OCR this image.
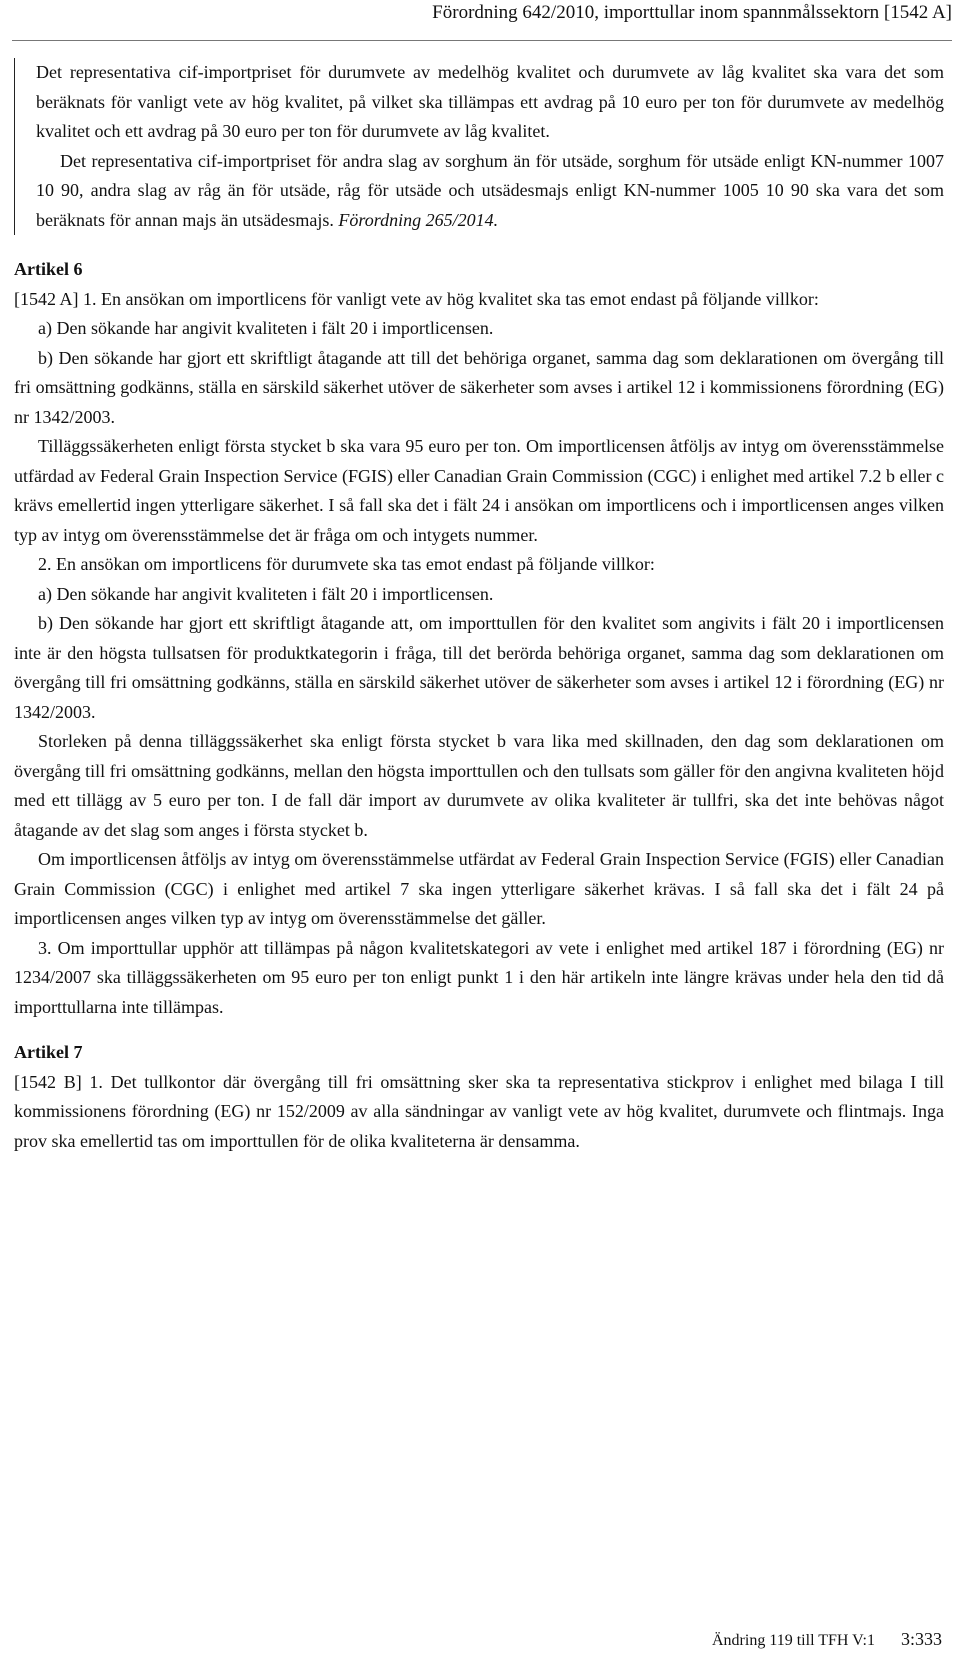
Förordning 642/2010, importtullar inom spannmålssektorn [1542 A]

Det representativa cif-importpriset för durumvete av medelhög kvalitet och durumvete av låg kvalitet ska vara det som beräknats för vanligt vete av hög kvalitet, på vilket ska tillämpas ett avdrag på 10 euro per ton för durumvete av medelhög kvalitet och ett avdrag på 30 euro per ton för durumvete av låg kvalitet.

Det representativa cif-importpriset för andra slag av sorghum än för utsäde, sorghum för utsäde enligt KN-nummer 1007 10 90, andra slag av råg än för utsäde, råg för utsäde och utsädesmajs enligt KN-nummer 1005 10 90 ska vara det som beräknats för annan majs än utsädesmajs. Förordning 265/2014.

Artikel 6

[1542 A] 1. En ansökan om importlicens för vanligt vete av hög kvalitet ska tas emot endast på följande villkor:

a) Den sökande har angivit kvaliteten i fält 20 i importlicensen.

b) Den sökande har gjort ett skriftligt åtagande att till det behöriga organet, samma dag som deklarationen om övergång till fri omsättning godkänns, ställa en särskild säkerhet utöver de säkerheter som avses i artikel 12 i kommissionens förordning (EG) nr 1342/2003.

Tilläggssäkerheten enligt första stycket b ska vara 95 euro per ton. Om importlicensen åtföljs av intyg om överensstämmelse utfärdad av Federal Grain Inspection Service (FGIS) eller Canadian Grain Commission (CGC) i enlighet med artikel 7.2 b eller c krävs emellertid ingen ytterligare säkerhet. I så fall ska det i fält 24 i ansökan om importlicens och i importlicensen anges vilken typ av intyg om överensstämmelse det är fråga om och intygets nummer.

2. En ansökan om importlicens för durumvete ska tas emot endast på följande villkor:

a) Den sökande har angivit kvaliteten i fält 20 i importlicensen.

b) Den sökande har gjort ett skriftligt åtagande att, om importtullen för den kvalitet som angivits i fält 20 i importlicensen inte är den högsta tullsatsen för produktkategorin i fråga, till det berörda behöriga organet, samma dag som deklarationen om övergång till fri omsättning godkänns, ställa en särskild säkerhet utöver de säkerheter som avses i artikel 12 i förordning (EG) nr 1342/2003.

Storleken på denna tilläggssäkerhet ska enligt första stycket b vara lika med skillnaden, den dag som deklarationen om övergång till fri omsättning godkänns, mellan den högsta importtullen och den tullsats som gäller för den angivna kvaliteten höjd med ett tillägg av 5 euro per ton. I de fall där import av durumvete av olika kvaliteter är tullfri, ska det inte behövas något åtagande av det slag som anges i första stycket b.

Om importlicensen åtföljs av intyg om överensstämmelse utfärdat av Federal Grain Inspection Service (FGIS) eller Canadian Grain Commission (CGC) i enlighet med artikel 7 ska ingen ytterligare säkerhet krävas. I så fall ska det i fält 24 på importlicensen anges vilken typ av intyg om överensstämmelse det gäller.

3. Om importtullar upphör att tillämpas på någon kvalitetskategori av vete i enlighet med artikel 187 i förordning (EG) nr 1234/2007 ska tilläggssäkerheten om 95 euro per ton enligt punkt 1 i den här artikeln inte längre krävas under hela den tid då importtullarna inte tillämpas.

Artikel 7

[1542 B] 1. Det tullkontor där övergång till fri omsättning sker ska ta representativa stickprov i enlighet med bilaga I till kommissionens förordning (EG) nr 152/2009 av alla sändningar av vanligt vete av hög kvalitet, durumvete och flintmajs. Inga prov ska emellertid tas om importtullen för de olika kvaliteterna är densamma.

Ändring 119 till TFH V:1 3:333
